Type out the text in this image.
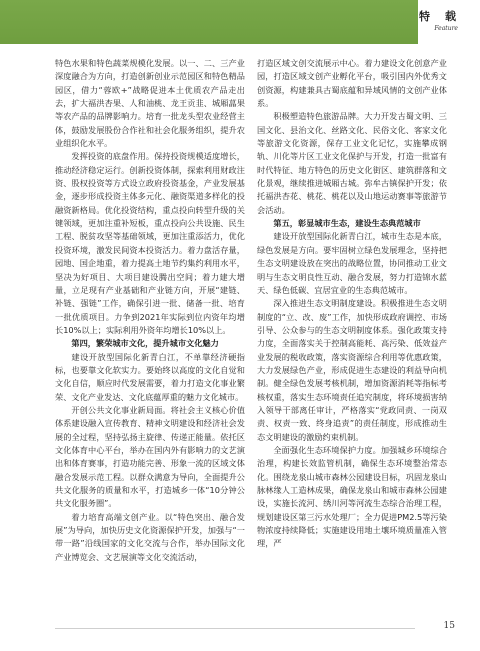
特　载
Feature

特色水果和特色蔬菜规模化发展。以一、二、三产业深度融合为方向，打造创新创业示范园区和特色精品园区，借力“蓉欧+”战略促进本土优质农产品走出去，扩大福洪杏果、人和油桃、龙王贡韭、城厢蕌果等农产品的品牌影响力。培育一批龙头型农业经营主体，鼓励发展股份合作社和社会化服务组织，提升农业组织化水平。

发挥投资的底盘作用。保持投资规模适度增长，推动经济稳定运行。创新投资体制，探索利用财政注资、股权投资等方式设立政府投资基金，产业发展基金，逐步形成投资主体多元化、融资渠道多样化的投融资新格局。优化投资结构，重点投向转型升级的关键领域，更加注重补短板，重点投向公共设施、民生工程、脱贫攻坚等基础领域，更加注重添活力，优化投资环境，激发民间资本投资活力。着力盘活存量，园地、国企地重，着力提高土地节约集约利用水平，坚决为好项目、大项目建设腾出空间；着力建大增量，立足现有产业基础和产业链方向，开展“建链、补链、强链”工作，确保引进一批、储备一批、培育一批优质项目。力争到2021年实际到位内资年均增长10%以上；实际利用外资年均增长10%以上。

第四，繁荣城市文化，提升城市文化魅力

建设开放型国际化新青白江，不单靠经济硬指标，也要靠文化软实力。要始终以高度的文化自觉和文化自信，顺应时代发展需要，着力打造文化事业繁荣、文化产业发达、文化底蕴厚重的魅力文化城市。

开创公共文化事业新局面。将社会主义核心价值体系建设融入宣传教育、精神文明建设和经济社会发展的全过程，坚持弘扬主旋律、传递正能量。依托区文化体育中心平台，举办在国内外有影响力的文艺演出和体育赛事，打造功能完善、形象一流的区域文体融合发展示范工程。以群众满意为导向，全面提升公共文化服务的质量和水平，打造城乡一体“10分钟公共文化服务圈”。

着力培育高端文创产业。以“特色突出、融合发展”为导向，加快历史文化资源保护开发，加强与“一带一路”沿线国家的文化交流与合作，举办国际文化产业博览会、文艺展演等文化交流活动，

打造区域文创交流展示中心。着力建设文化创意产业园，打造区域文创产业孵化平台，吸引国内外优秀文创资源，构建兼具古蜀底蕴和异域风情的文创产业体系。

积极塑造特色旅游品牌。大力开发古蜀文明、三国文化、县治文化、丝路文化、民俗文化、客家文化等旅游文化资源，保存工业文化记忆，实施攀成钢轨、川化等片区工业文化保护与开发，打造一批富有时代特征、地方特色的历史文化街区、建筑群落和文化景观，继续推进城厢古城。弥牟古镇保护开发；依托福洪杏花、桃花、桃花以及山地运动赛事等旅游节会活动。

第五，彰显城市生态，建设生态典范城市

建设开放型国际化新青白江，城市生态是本底，绿色发展是方向。要牢固树立绿色发展理念，坚持把生态文明建设放在突出的战略位置，协同推动工业文明与生态文明良性互动、融合发展，努力打造锦水蓝天、绿色低碳、宜居宜业的生态典范城市。

深入推进生态文明制度建设。积极推进生态文明制度的“立、改、废”工作，加快形成政府调控、市场引导、公众参与的生态文明制度体系。强化政策支持力度，全面落实关于控制高能耗、高污染、低效益产业发展的税收政策，落实资源综合利用等优惠政策，大力发展绿色产业，形成促进生态建设的利益导向机制。健全绿色发展考核机制，增加资源消耗等指标考核权重，落实生态环境责任追究制度，将环境损害纳入领导干部离任审计，严格落实“党政同责、一岗双责、权责一致、终身追责”的责任制度，形成推动生态文明建设的激励约束机制。

全面强化生态环境保护力度。加强城乡环境综合治理，构建长效监管机制，确保生态环境整治常态化。围绕龙泉山城市森林公园建设目标，巩固龙泉山脉林缘人工造林成果，确保龙泉山和城市森林公园建设，实施长流河、绣川河等河流生态综合治理工程，规划建设区第三污水处理厂；全力促进PM2.5等污染物浓度持续降低；实施建设用地土壤环境质量准入管理，严

15
